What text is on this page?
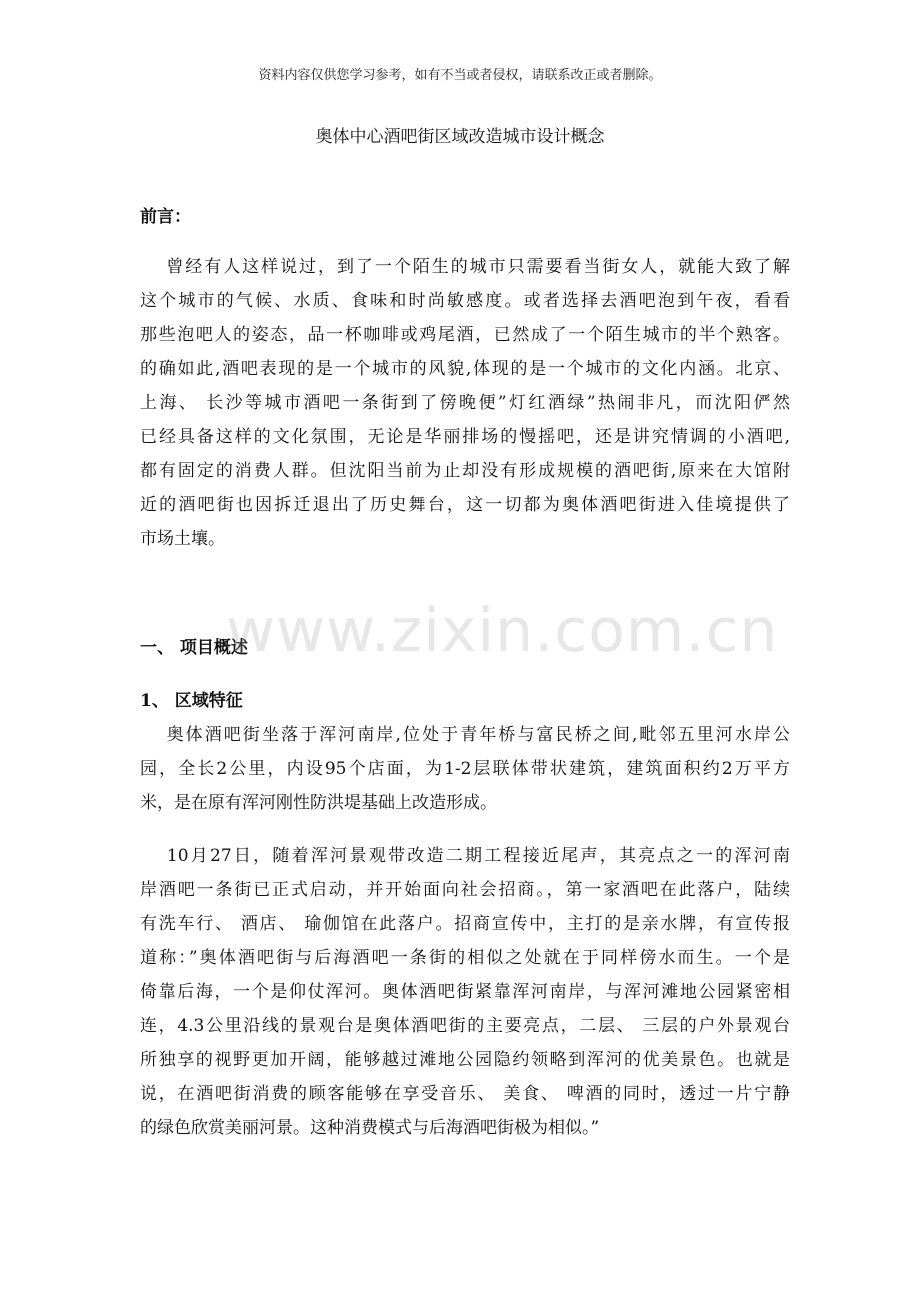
资料内容仅供您学习参考，如有不当或者侵权，请联系改正或者删除。
奥体中心酒吧街区域改造城市设计概念
前言：
　 曾经有人这样说过，到了一个陌生的城市只需要看当街女人，就能大致了解
这个城市的气候、水质、食味和时尚敏感度。或者选择去酒吧泡到午夜，看看
那些泡吧人的姿态，品一杯咖啡或鸡尾酒，已然成了一个陌生城市的半个熟客。
的确如此,酒吧表现的是一个城市的风貌,体现的是一个城市的文化内涵。北京、
上海、 长沙等城市酒吧一条街到了傍晚便”灯红酒绿”热闹非凡，而沈阳俨然
已经具备这样的文化氛围，无论是华丽排场的慢摇吧，还是讲究情调的小酒吧,
都有固定的消费人群。但沈阳当前为止却没有形成规模的酒吧街,原来在大馆附
近的酒吧街也因拆迁退出了历史舞台，这一切都为奥体酒吧街进入佳境提供了
市场土壤。
一、 项目概述
1、 区域特征
　 奥体酒吧街坐落于浑河南岸,位处于青年桥与富民桥之间,毗邻五里河水岸公
园，全长2公里，内设95个店面，为1-2层联体带状建筑，建筑面积约2万平方
米，是在原有浑河刚性防洪堤基础上改造形成。
　 10月27日，随着浑河景观带改造二期工程接近尾声，其亮点之一的浑河南
岸酒吧一条街已正式启动，并开始面向社会招商。，第一家酒吧在此落户，陆续
有洗车行、 酒店、 瑜伽馆在此落户。招商宣传中，主打的是亲水牌，有宣传报
道称：”奥体酒吧街与后海酒吧一条街的相似之处就在于同样傍水而生。一个是
倚靠后海，一个是仰仗浑河。奥体酒吧街紧靠浑河南岸，与浑河滩地公园紧密相
连，4.3公里沿线的景观台是奥体酒吧街的主要亮点，二层、 三层的户外景观台
所独享的视野更加开阔，能够越过滩地公园隐约领略到浑河的优美景色。也就是
说，在酒吧街消费的顾客能够在享受音乐、 美食、 啤酒的同时，透过一片宁静
的绿色欣赏美丽河景。这种消费模式与后海酒吧街极为相似。”
www.zixin.com.cn
